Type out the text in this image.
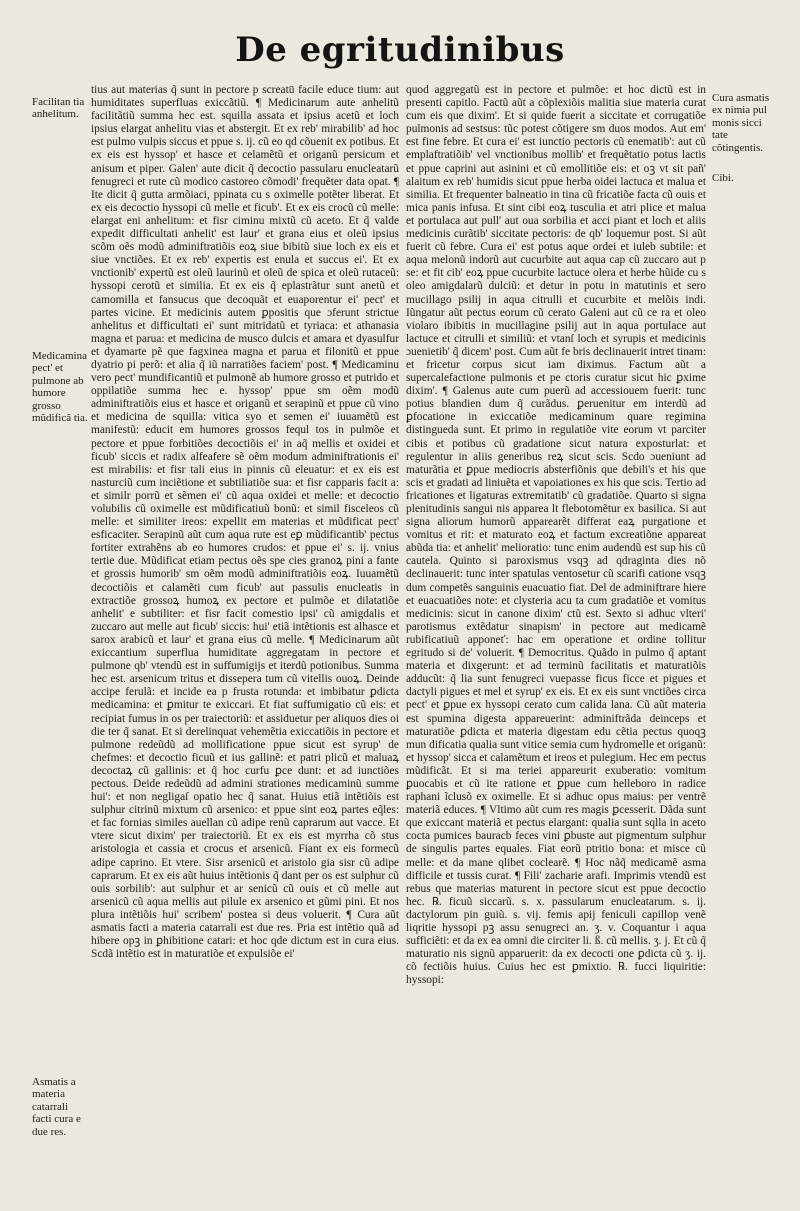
De egritudinibus
Facilitan tia anhelitum.
Medicamina pect' et pulmone ab humore grosso mũdificã tia.
Asmatis a materia catarrali facti cura e due res.

tius aut materias q̃ sunt in pectore p screatū facile educe tium: aut humiditates superfluas exiccãtiũ. ¶ Medicinarum aute anhelitũ facilitãtiũ summa hec est. squilla assata et ipsius acetũ et loch ipsius elargat anhelitu vias et abstergit. Et ex reb' mirabilib' ad hoc est pulmo vulpis siccus et ppue s. ij. cũ eo qd cõuenit ex potibus. Et ex eis est hyssop' et hasce et celamẽtũ et origanũ persicum et anisum et piper. Galen' aute dicit q̃ decoctio passularu enucleatarũ fenugreci et rute cũ modico castoreo cõmodi' frequẽter data opat. ¶ Ite dicit q̃ gutta armõiaci, ppinata cu s oximelle potẽter liberat. Et ex eis decoctio hyssopi cũ melle et ficub'. Et ex eis crocũ cũ melle: elargat eni anhelitum: et fisr ciminu mixtũ cũ aceto. Et q̃ valde expedit difficultati anhelit' est laur' et grana eius et oleũ ipsius scõm oẽs modũ adminiftratiõis eoꝝ siue bibitũ siue loch ex eis et siue vnctiões. Et ex reb' expertis est enula et succus ei'. Et ex vnctionib' expertũ est oleũ laurinũ et oleũ de spica et oleũ rutaceũ: hyssopi cerotũ et similia. Et ex eis q̃ eplastrãtur sunt anetũ et camomilla et fansucus que decoquãt et euaporentur ei' pect' et partes vicine. Et medicinis autem ꝑpositis que ɔferunt strictue anhelitus et difficultati ei' sunt mitridatũ et tyriaca: et athanasia magna et parua: et medicina de musco dulcis et amara et dyasulfur et dyamarte pẽ que fagxinea magna et parua et filonitũ et ppue dyatrio pi perõ: et alia q̃ iũ narratiões faciem' post. ¶ Medicaminu vero pect' mundificantiũ et pulmonẽ ab humore grosso et putrido et oppilatiõe summa hec e. hyssop' ppue sm oẽm modũ adminiftratiõis eius et hasce et origanũ et serapinũ et ppue cũ vino et medicina de squilla: vitica syo et semen ei' iuuamẽtũ est manifestũ: educit em humores grossos fequl tos in pulmõe et pectore et ppue forbitiões decoctiõis ei' in aq̃ mellis et oxidei et ficub' siccis et radix alfeafere sẽ oẽm modum adminiftrationis ei' est mirabilis: et fisr tali eius in pinnis cũ eleuatur: et ex eis est nasturciũ cum inciẽtione et subtiliatiõe sua: et fisr capparis facit a: et similr porrũ et sẽmen ei' cũ aqua oxidei et melle: et decoctio volubilis cũ oximelle est mũdificatiuũ bonũ: et simil fisceleos cũ melle: et similiter ireos: expellit em materias et mũdificat pect' esficaciter. Serapinũ aũt cum aqua rute est eꝑ mũdificantib' pectus fortiter extrahẽns ab eo humores crudos: et ppue ei' s. ij. vnius tertie due. Mũdificat etiam pectus oẽs spe cies granoꝝ pini a fante et grossis humorib' sm oẽm modũ adminiftratiõis eoꝝ. Iuuamẽtũ decoctiõis et calamẽti cum ficub' aut passulis enucleatis in extractiõe grossoꝝ humoꝝ ex pectore et pulmõe et dilatatiõe anhelit' e subtiliter: et fisr facit comestio ipsi' cũ amigdalis et zuccaro aut melle aut ficub' siccis: hui' etiã intẽtionis est alhasce et sarox arabicũ et laur' et grana eius cũ melle. ¶ Medicinarum aũt exiccantium superflua humiditate aggregatam in pectore et pulmone qb' vtendũ est in suffumigijs et iterdũ potionibus. Summa hec est. arsenicum tritus et dissepera tum cũ vitellis ouoꝝ. Deinde accipe ferulã: et incide ea p frusta rotunda: et imbibatur ꝑdicta medicamina: et ꝑmitur te exiccari. Et fiat suffumigatio cũ eis: et recipiat fumus in os per traiectoriũ: et assiduetur per aliquos dies oi die ter q̃ sanat. Et si derelinquat vehemẽtia exiccatiõis in pectore et pulmone redeũdũ ad mollificatione ppue sicut est syrup' de chefmes: et decoctio ficuũ et ius gallinẽ: et patri plicũ et maluaꝝ decoctaꝝ cũ gallinis: et q̃ hoc curfu ꝑce dunt: et ad iunctiões pectous. Deide redeũdũ ad admini strationes medicaminũ summe hui': et non negligaſ opatio hec q̃ sanat. Huius etiã intẽtiõis est sulphur citrinũ mixtum cũ arsenico: et ppue sint eoꝝ partes eq̃les: et fac fornias similes auellan cũ adipe renũ caprarum aut vacce. Et vtere sicut dixim' per traiectoriũ. Et ex eis est myrrha cõ stus aristologia et cassia et crocus et arsenicũ. Fiant ex eis formecũ adipe caprino. Et vtere. Sisr arsenicũ et aristolo gia sisr cũ adipe caprarum. Et ex eis aũt huius intẽtionis q̃ dant per os est sulphur cũ ouis sorbilib': aut sulphur et ar senicũ cũ ouis et cũ melle aut arsenicũ cũ aqua mellis aut pilule ex arsenico et gũmi pini. Et nos plura intẽtiõis hui' scribem' postea si deus voluerit. ¶ Cura aũt asmatis facti a materia catarrali est due res. Pria est intẽtio quã ad hibere opꝫ in ꝑhibitione catari: et hoc qde dictum est in cura eius. Scdã intẽtio est in maturatiõe et expulsiõe ei'

quod aggregatũ est in pectore et pulmõe: et hoc dictũ est in presenti capitlo. Factũ aũt a cõplexiõis malitia siue materia curat cum eis que dixim'. Et si quide fuerit a siccitate et corrugatiõe pulmonis ad sestsus: tũc potest cõtigere sm duos modos. Aut em' est fine febre. Et cura ei' est iunctio pectoris cũ enematib': aut cũ emplaftratiõib' vel vnctionibus mollib' et frequẽtatio potus lactis et ppue caprini aut asinini et cũ emollitiõe eis: et oꝫ vt sit pañ' alaitum ex reb' humidis sicut ppue herba oidei lactuca et malua et similia. Et frequenter balneatio in tina cũ fricatiõe facta cũ ouis et mica panis infusa. Et sint cibi eoꝝ tusculia et atri plice et malua et portulaca aut pull' aut oua sorbilia et acci piant et loch et aliis medicinis curãtib' siccitate pectoris: de qb' loquemur post. Si aũt fuerit cũ febre. Cura ei' est potus aque ordei et iuleb subtile: et aqua melonũ indorũ aut cucurbite aut aqua cap cũ zuccaro aut p se: et fit cib' eoꝝ ppue cucurbite lactuce olera et herbe hũide cu s oleo amigdalarũ dulciũ: et detur in potu in matutinis et sero mucillago psilij in aqua citrulli et cucurbite et melõis indi. Iũngatur aũt pectus eorum cũ cerato Galeni aut cũ ce ra et oleo violaro ibibitis in mucillagine psilij aut in aqua portulace aut lactuce et citrulli et similiũ: et vtanſ loch et syrupis et medicinis ɔuenietib' q̃ dicem' post. Cum aũt fe bris declinauerit intret tinam: et fricetur corpus sicut iam diximus. Factum aũt a supercalefactione pulmonis et pe ctoris curatur sicut hic ꝑxime dixim'. ¶ Galenus aute cum puerũ ad accessiouem fuerit: tunc potius blandien dum q̃ curãdus. ꝑeruenitur em interdũ ad ꝑfocatione in exiccatiõe medicaminum quare regimina distingueda sunt. Et primo in regulatiõe vite eorum vt parciter cibis et potibus cũ gradatione sicut natura exposturlat: et regulentur in aliis generibus reꝝ sicut scis. Scdo ɔueniunt ad maturãtia et ꝑpue mediocris absterfiõnis que debili's et his que scis et gradati ad liniuẽta et vapoiationes ex his que scis. Tertio ad fricationes et ligaturas extremitatib' cũ gradatiõe. Quarto si signa plenitudinis sangui nis apparea lt flebotomẽtur ex basilica. Si aut signa aliorum humorũ apparearẽt differat eaꝝ purgatione et vomitus et rit: et maturato eoꝝ et factum excreatiõne appareat abũda tia: et anhelit' melioratio: tunc enim audendũ est sup his cũ cautela. Quinto si paroxismus vsqꝫ ad qdraginta dies nõ declinauerit: tunc inter spatulas ventosetur cũ scarifi catione vsqꝫ dum competẽs sanguinis euacuatio fiat. Del de adminiftrare hiere et euacuatiões note: et clysteria acu ta cum gradatiõe et vomitus medicinis: sicut in canone dixim' ctũ est. Sexto si adhuc vlteri' parotismus extẽdatur sinapism' in pectore aut medicamẽ rubificatiuũ apponeť: hac em operatione et ordine tollitur egritudo si de' voluerit. ¶ Democritus. Quãdo in pulmo q̃ aptant materia et dixgerunt: et ad terminũ facilitatis et maturatiõis adducũt: q̃ lia sunt fenugreci vuepasse ficus ficce et pigues et dactyli pigues et mel et syrup' ex eis. Et ex eis sunt vnctiões circa pect' et ꝑpue ex hyssopi cerato cum calida lana. Cũ aũt materia est spumina digesta appareuerint: adminiftrãda deinceps et maturatiõe ꝑdicta et materia digestam edu cẽtia pectus quoqꝫ mun dificatia qualia sunt vitice semia cum hydromelle et origanũ: et hyssop' sicca et calamẽtum et ireos et pulegium. Hec em pectus mũdificãt. Et si ma teriei appareurit exuberatio: vomitum ꝑuocabis et cũ ite ratione et ꝑpue cum helleboro in radice raphani ĩclusõ ex oximelle. Et si adhuc opus maius: per ventrẽ materiã educes. ¶ Vltimo aũt cum res magis ꝑcesserit. Dãda sunt que exiccant materiã et pectus elargant: qualia sunt sqlla in aceto cocta pumices bauracb feces vini ꝑbuste aut pigmentum sulphur de singulis partes equales. Fiat eorũ ptritio bona: et misce cũ melle: et da mane qlibet coclearẽ. ¶ Hoc nãq̃ medicamẽ asma difficile et tussis curat. ¶ Fili' zacharie arafi. Imprimis vtendũ est rebus que materias maturent in pectore sicut est ppue decoctio hec. ℞. ficuũ siccarũ. s. x. passularum enucleatarum. s. ij. dactylorum pin guiũ. s. vij. femis apij feniculi capillop venẽ liqritie hyssopi pꝫ assu senugreci an. ʒ. v. Coquantur i aqua sufficiẽti: et da ex ea omni die circiter li. ß. cũ mellis. ʒ. j. Et cũ q̃ maturatio nis signũ apparuerit: da ex decocti one ꝑdicta cũ ʒ. ij. cõ fectiõis huius. Cuius hec est ꝑmixtio. ℞. fucci liquiritie: hyssopi:

Cura asmatis ex nimia pul monis sicci tate cõtingentis.
Cibi.
